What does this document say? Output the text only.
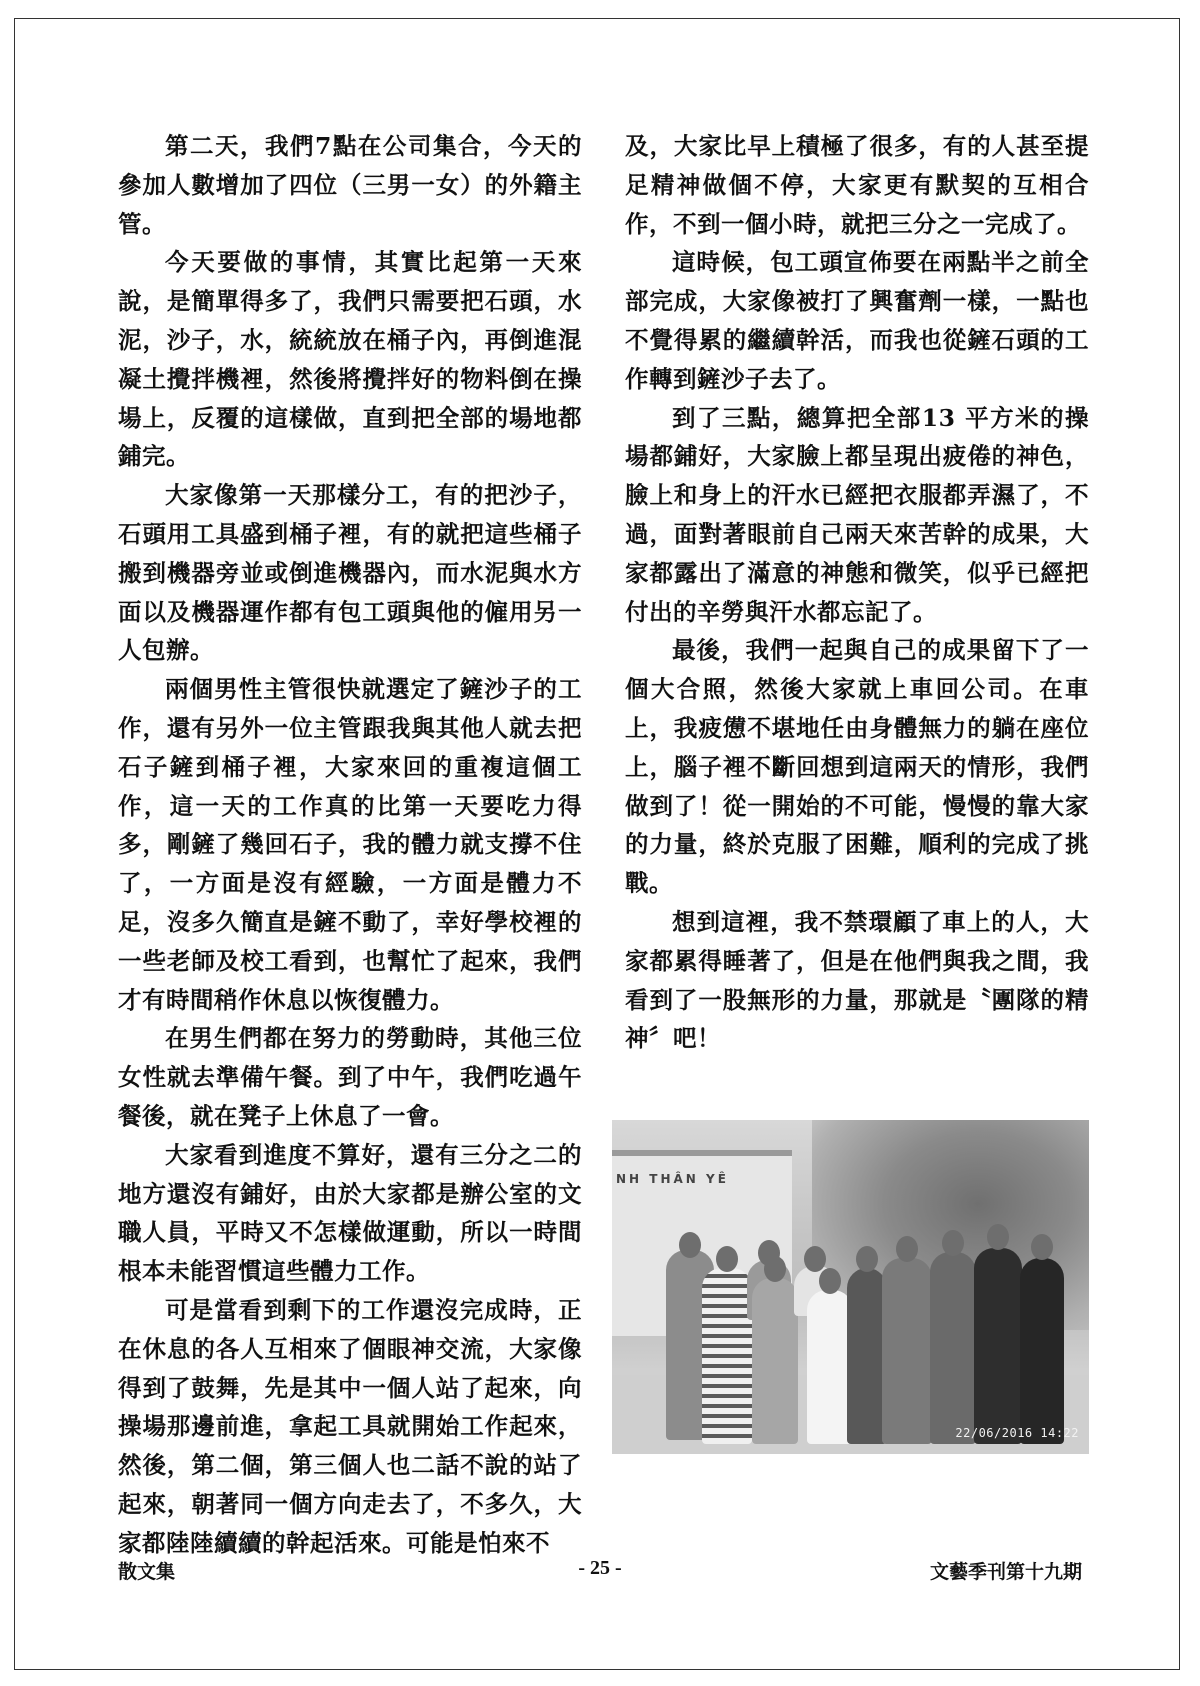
第二天，我們7點在公司集合，今天的參加人數增加了四位（三男一女）的外籍主管。

今天要做的事情，其實比起第一天來說，是簡單得多了，我們只需要把石頭，水泥，沙子，水，統統放在桶子內，再倒進混凝土攪拌機裡，然後將攪拌好的物料倒在操場上，反覆的這樣做，直到把全部的場地都鋪完。

大家像第一天那樣分工，有的把沙子，石頭用工具盛到桶子裡，有的就把這些桶子搬到機器旁並或倒進機器內，而水泥與水方面以及機器運作都有包工頭與他的僱用另一人包辦。

兩個男性主管很快就選定了鏟沙子的工作，還有另外一位主管跟我與其他人就去把石子鏟到桶子裡，大家來回的重複這個工作，這一天的工作真的比第一天要吃力得多，剛鏟了幾回石子，我的體力就支撐不住了，一方面是沒有經驗，一方面是體力不足，沒多久簡直是鏟不動了，幸好學校裡的一些老師及校工看到，也幫忙了起來，我們才有時間稍作休息以恢復體力。

在男生們都在努力的勞動時，其他三位女性就去準備午餐。到了中午，我們吃過午餐後，就在凳子上休息了一會。

大家看到進度不算好，還有三分之二的地方還沒有鋪好，由於大家都是辦公室的文職人員，平時又不怎樣做運動，所以一時間根本未能習慣這些體力工作。

可是當看到剩下的工作還沒完成時，正在休息的各人互相來了個眼神交流，大家像得到了鼓舞，先是其中一個人站了起來，向操場那邊前進，拿起工具就開始工作起來，然後，第二個，第三個人也二話不說的站了起來，朝著同一個方向走去了，不多久，大家都陸陸續續的幹起活來。可能是怕來不

及，大家比早上積極了很多，有的人甚至提足精神做個不停，大家更有默契的互相合作，不到一個小時，就把三分之一完成了。

這時候，包工頭宣佈要在兩點半之前全部完成，大家像被打了興奮劑一樣，一點也不覺得累的繼續幹活，而我也從鏟石頭的工作轉到鏟沙子去了。

到了三點，總算把全部13 平方米的操場都鋪好，大家臉上都呈現出疲倦的神色，臉上和身上的汗水已經把衣服都弄濕了，不過，面對著眼前自己兩天來苦幹的成果，大家都露出了滿意的神態和微笑，似乎已經把付出的辛勞與汗水都忘記了。

最後，我們一起與自己的成果留下了一個大合照，然後大家就上車回公司。在車上，我疲憊不堪地任由身體無力的躺在座位上，腦子裡不斷回想到這兩天的情形，我們做到了！從一開始的不可能，慢慢的靠大家的力量，終於克服了困難，順利的完成了挑戰。

想到這裡，我不禁環顧了車上的人，大家都累得睡著了，但是在他們與我之間，我看到了一股無形的力量，那就是〝團隊的精神〞吧！

NH THÂN YÊ
22/06/2016 14:22
散文集	- 25 -	文藝季刊第十九期
